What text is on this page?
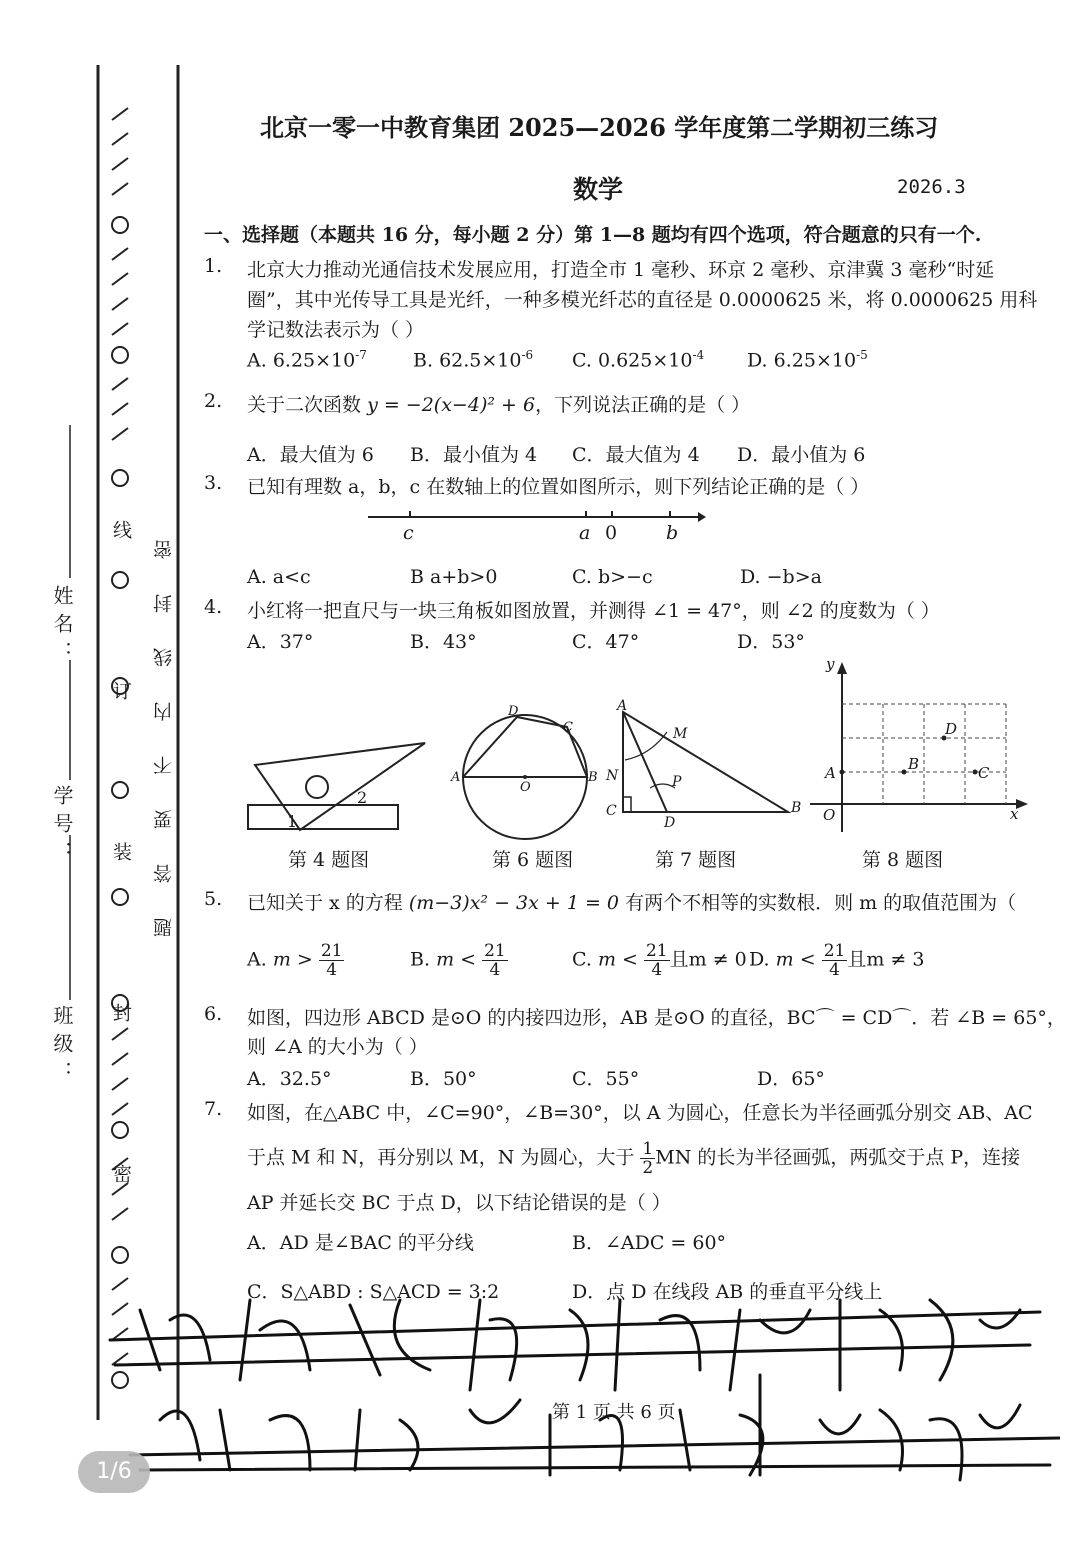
姓名：
学号：
班级： 线 订 装 封 密 题答要不内线封密
北京一零一中教育集团 2025—2026 学年度第二学期初三练习
数学	2026.3
一、选择题（本题共 16 分，每小题 2 分）第 1—8 题均有四个选项，符合题意的只有一个.
1. 北京大力推动光通信技术发展应用，打造全市 1 毫秒、环京 2 毫秒、京津冀 3 毫秒“时延
圈”，其中光传导工具是光纤，一种多模光纤芯的直径是 0.0000625 米，将 0.0000625 用科
学记数法表示为（ ）
A. $6.25\times 10^{-7}$ B. $62.5\times 10^{-6}$ C. $0.625\times 10^{-4}$ D. $6.25\times 10^{-5}$
2. 关于二次函数 y = −2(x−4)² + 6，下列说法正确的是（ ）
A．最大值为 6 B．最小值为 4 C．最大值为 4 D．最小值为 6
3. 已知有理数 a，b，c 在数轴上的位置如图所示，则下列结论正确的是（ ）
c	a 0	b
A. a<c	B a+b>0	C. b>−c	D. −b>a
4. 小红将一把直尺与一块三角板如图放置，并测得 ∠1 = 47°，则 ∠2 的度数为（ ）
A．37°	B．43°	C．47°	D．53°
1
2
第 4 题图
A	B
C
D
O
第 6 题图
A
B
C
D
M
N	P
第 7 题图
y
x
O
A	B	C
D
第 8 题图
5. 已知关于 x 的方程 (m−3)x² − 3x + 1 = 0 有两个不相等的实数根．则 m 的取值范围为（
A. $m > \frac{21}{4}$	B. $m < \frac{21}{4}$	C. $m < \frac{21}{4}$且m ≠ 0 D. $m < \frac{21}{4}$且m ≠ 3
6. 如图，四边形 ABCD 是⊙O 的内接四边形，AB 是⊙O 的直径，BC⌒ = CD⌒．若 ∠B = 65°，
则 ∠A 的大小为（ ）
A．32.5°	B．50°	C．55°	D．65°
7. 如图，在△ABC 中，∠C=90°，∠B=30°，以 A 为圆心，任意长为半径画弧分别交 AB、AC
于点 M 和 N，再分别以 M，N 为圆心，大于 $\frac{1}{2}MN$ 的长为半径画弧，两弧交于点 P，连接
AP 并延长交 BC 于点 D，以下结论错误的是（ ）
A．AD 是∠BAC 的平分线	B．∠ADC = 60°
C．S△ABD : S△ACD = 3:2	D．点 D 在线段 AB 的垂直平分线上
第 1 页 共 6 页
1/6
